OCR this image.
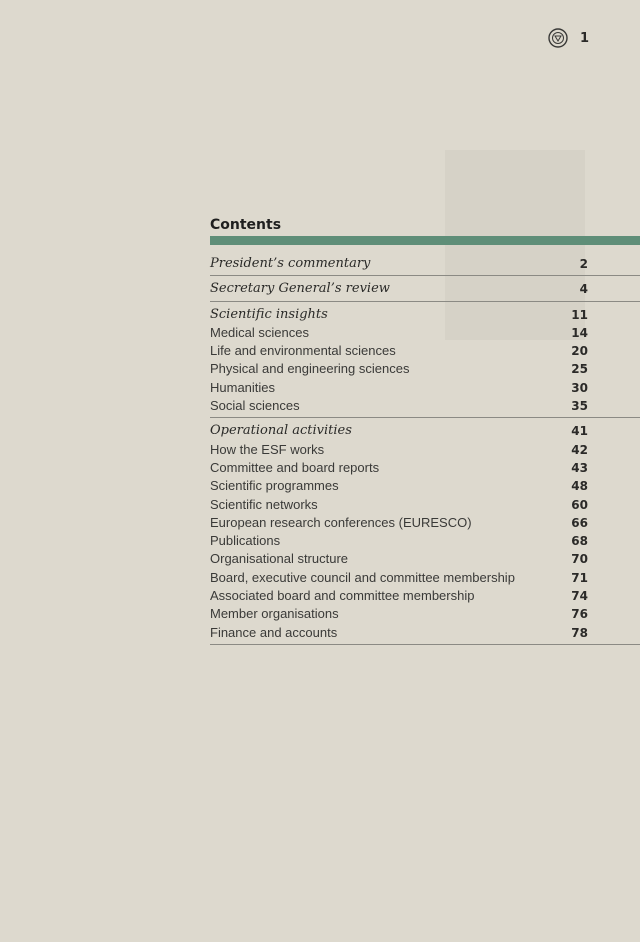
1
Contents
President’s commentary	2
Secretary General’s review	4
Scientific insights	11
Medical sciences	14
Life and environmental sciences	20
Physical and engineering sciences	25
Humanities	30
Social sciences	35
Operational activities	41
How the ESF works	42
Committee and board reports	43
Scientific programmes	48
Scientific networks	60
European research conferences (EURESCO)	66
Publications	68
Organisational structure	70
Board, executive council and committee membership	71
Associated board and committee membership	74
Member organisations	76
Finance and accounts	78
